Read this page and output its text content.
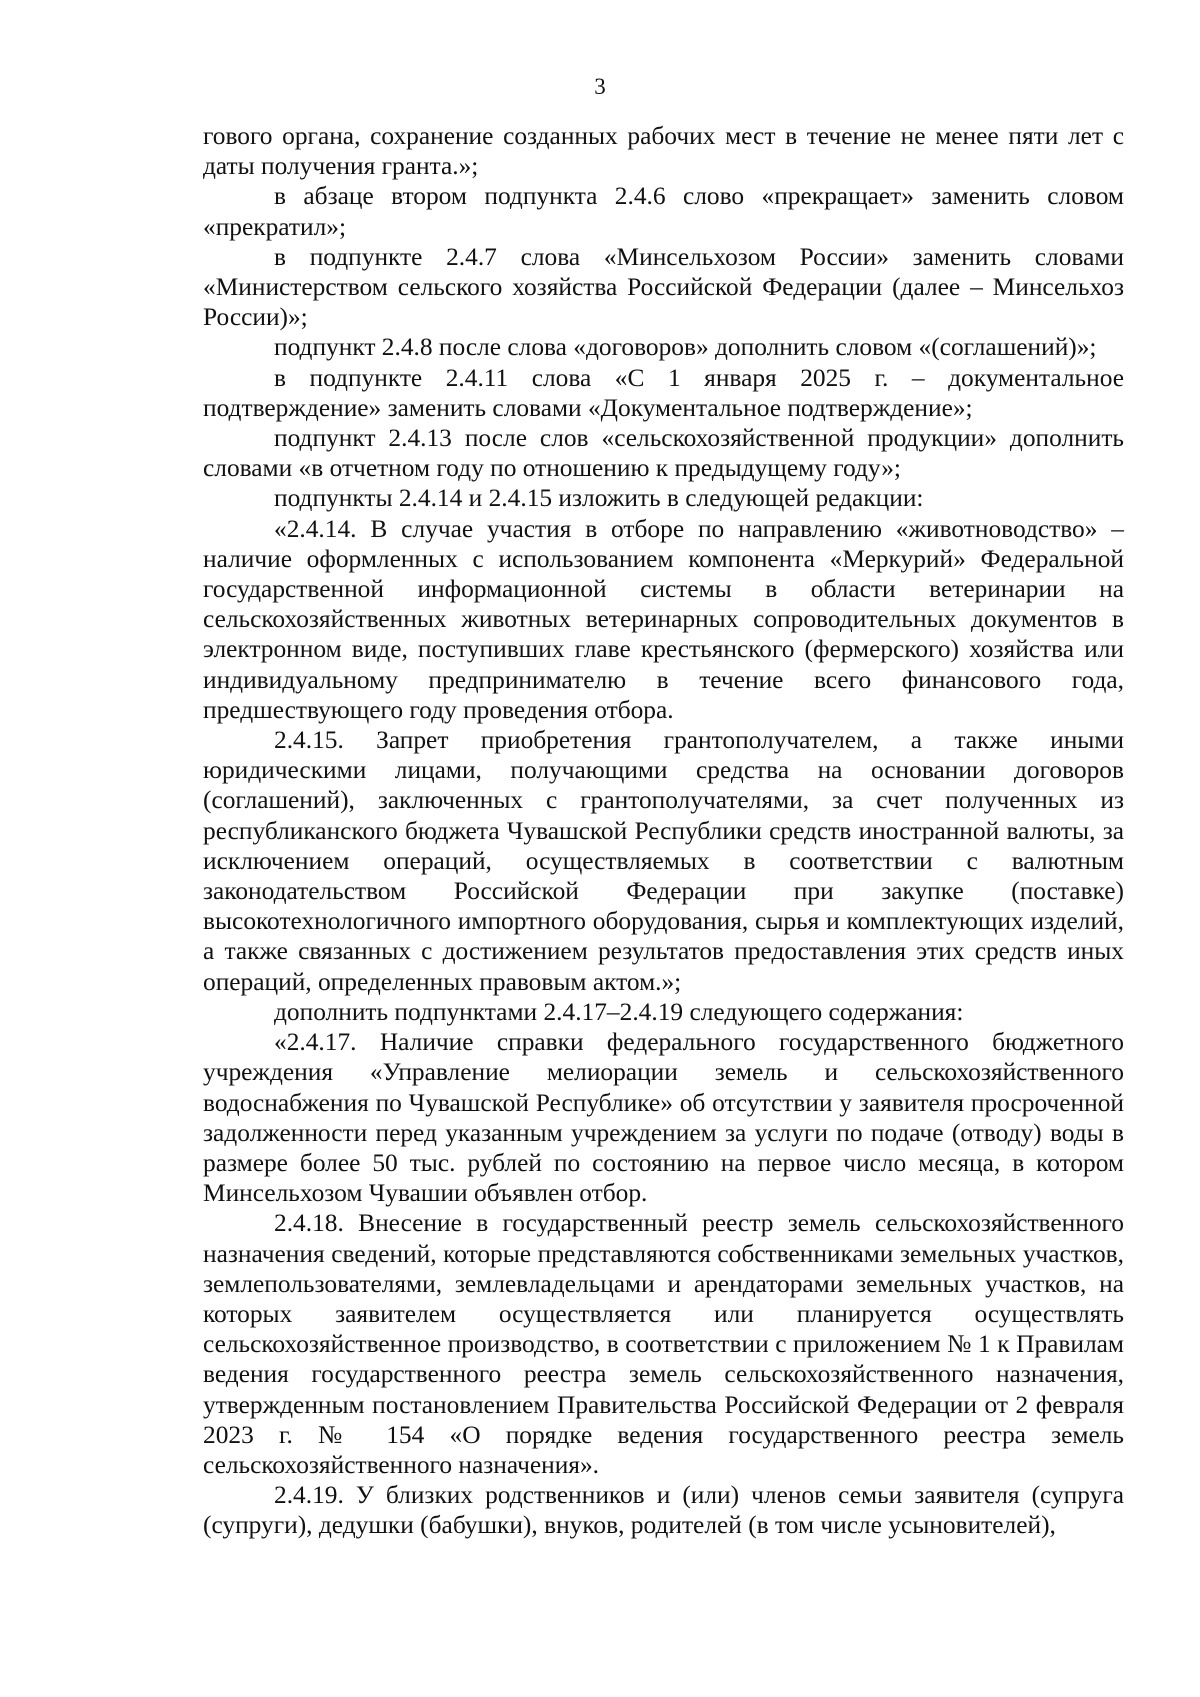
3

гового органа, сохранение созданных рабочих мест в течение не менее пяти лет с даты получения гранта.»;

в абзаце втором подпункта 2.4.6 слово «прекращает» заменить словом «прекратил»;

в подпункте 2.4.7 слова «Минсельхозом России» заменить словами «Министерством сельского хозяйства Российской Федерации (далее – Минсельхоз России)»;

подпункт 2.4.8 после слова «договоров» дополнить словом «(соглашений)»;

в подпункте 2.4.11 слова «С 1 января 2025 г. – документальное подтверждение» заменить словами «Документальное подтверждение»;

подпункт 2.4.13 после слов «сельскохозяйственной продукции» дополнить словами «в отчетном году по отношению к предыдущему году»;

подпункты 2.4.14 и 2.4.15 изложить в следующей редакции:

«2.4.14. В случае участия в отборе по направлению «животноводство» – наличие оформленных с использованием компонента «Меркурий» Федеральной государственной информационной системы в области ветеринарии на сельскохозяйственных животных ветеринарных сопроводительных документов в электронном виде, поступивших главе крестьянского (фермерского) хозяйства или индивидуальному предпринимателю в течение всего финансового года, предшествующего году проведения отбора.

2.4.15. Запрет приобретения грантополучателем, а также иными юридическими лицами, получающими средства на основании договоров (соглашений), заключенных с грантополучателями, за счет полученных из республиканского бюджета Чувашской Республики средств иностранной валюты, за исключением операций, осуществляемых в соответствии с валютным законодательством Российской Федерации при закупке (поставке) высокотехнологичного импортного оборудования, сырья и комплектующих изделий, а также связанных с достижением результатов предоставления этих средств иных операций, определенных правовым актом.»;

дополнить подпунктами 2.4.17–2.4.19 следующего содержания:

«2.4.17. Наличие справки федерального государственного бюджетного учреждения «Управление мелиорации земель и сельскохозяйственного водоснабжения по Чувашской Республике» об отсутствии у заявителя просроченной задолженности перед указанным учреждением за услуги по подаче (отводу) воды в размере более 50 тыс. рублей по состоянию на первое число месяца, в котором Минсельхозом Чувашии объявлен отбор.

2.4.18. Внесение в государственный реестр земель сельскохозяйственного назначения сведений, которые представляются собственниками земельных участков, землепользователями, землевладельцами и арендаторами земельных участков, на которых заявителем осуществляется или планируется осуществлять сельскохозяйственное производство, в соответствии с приложением № 1 к Правилам ведения государственного реестра земель сельскохозяйственного назначения, утвержденным постановлением Правительства Российской Федерации от 2 февраля 2023 г. № 154 «О порядке ведения государственного реестра земель сельскохозяйственного назначения».

2.4.19. У близких родственников и (или) членов семьи заявителя (супруга (супруги), дедушки (бабушки), внуков, родителей (в том числе усыновителей),
